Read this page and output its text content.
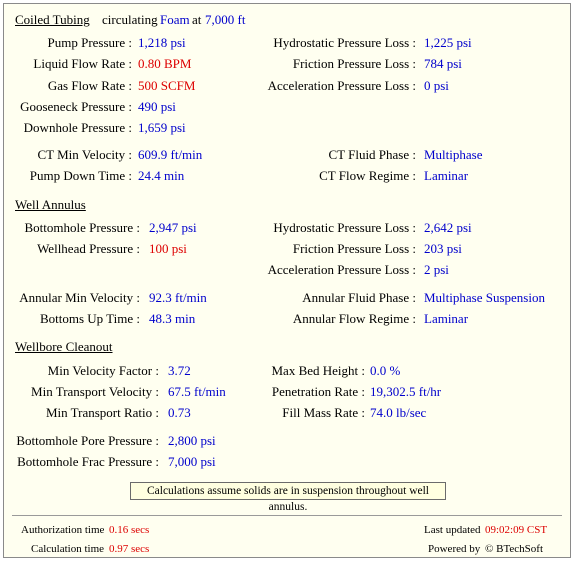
Coiled Tubing circulating Foam at 7,000 ft
Pump Pressure : 1,218 psi
Liquid Flow Rate : 0.80 BPM
Gas Flow Rate : 500 SCFM
Gooseneck Pressure : 490 psi
Downhole Pressure : 1,659 psi
Hydrostatic Pressure Loss : 1,225 psi
Friction Pressure Loss : 784 psi
Acceleration Pressure Loss : 0 psi
CT Min Velocity : 609.9 ft/min
Pump Down Time : 24.4 min
CT Fluid Phase : Multiphase
CT Flow Regime : Laminar
Well Annulus
Bottomhole Pressure : 2,947 psi
Wellhead Pressure : 100 psi
Hydrostatic Pressure Loss : 2,642 psi
Friction Pressure Loss : 203 psi
Acceleration Pressure Loss : 2 psi
Annular Min Velocity : 92.3 ft/min
Bottoms Up Time : 48.3 min
Annular Fluid Phase : Multiphase Suspension
Annular Flow Regime : Laminar
Wellbore Cleanout
Min Velocity Factor : 3.72
Min Transport Velocity : 67.5 ft/min
Min Transport Ratio : 0.73
Max Bed Height : 0.0 %
Penetration Rate : 19,302.5 ft/hr
Fill Mass Rate : 74.0 lb/sec
Bottomhole Pore Pressure : 2,800 psi
Bottomhole Frac Pressure : 7,000 psi
Calculations assume solids are in suspension throughout well annulus.
Authorization time 0.16 secs
Calculation time 0.97 secs
Last updated 09:02:09 CST
Powered by © BTechSoft
